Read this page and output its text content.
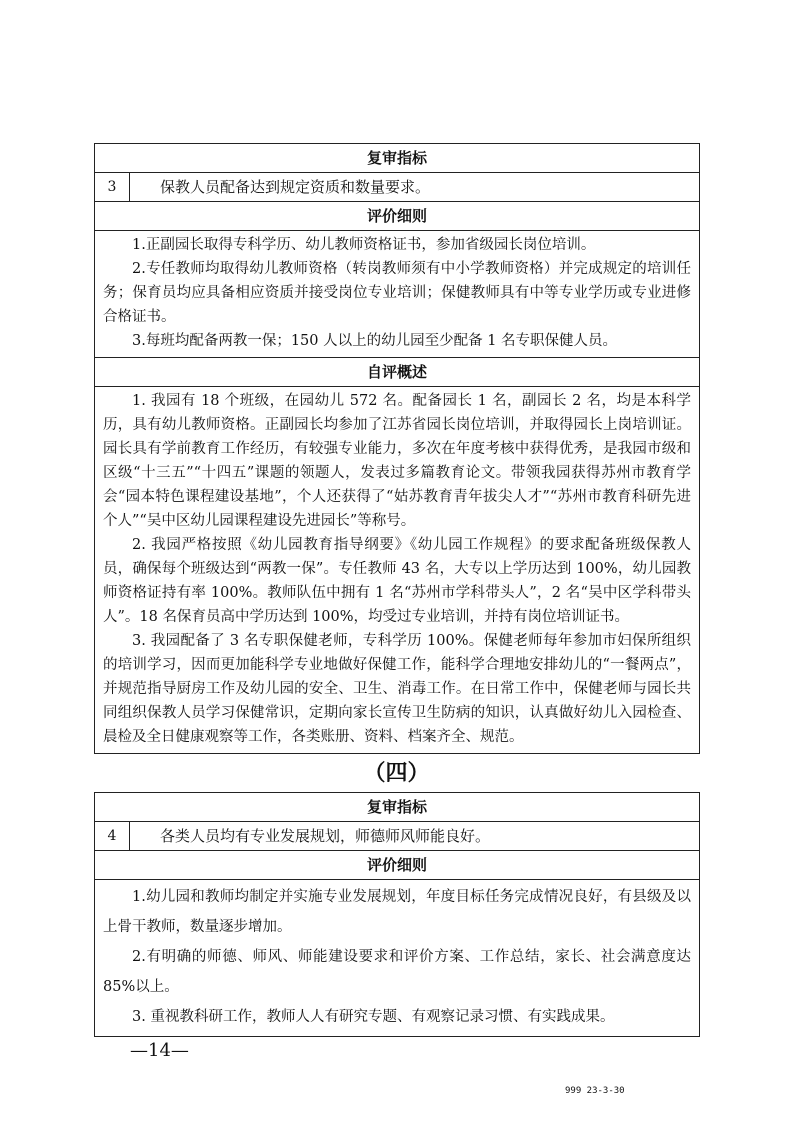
复审指标
3	保教人员配备达到规定资质和数量要求。
评价细则

1.正副园长取得专科学历、幼儿教师资格证书，参加省级园长岗位培训。

2.专任教师均取得幼儿教师资格（转岗教师须有中小学教师资格）并完成规定的培训任务；保育员均应具备相应资质并接受岗位专业培训；保健教师具有中等专业学历或专业进修合格证书。

3.每班均配备两教一保；150 人以上的幼儿园至少配备 1 名专职保健人员。

自评概述

1. 我园有 18 个班级，在园幼儿 572 名。配备园长 1 名，副园长 2 名，均是本科学历，具有幼儿教师资格。正副园长均参加了江苏省园长岗位培训，并取得园长上岗培训证。园长具有学前教育工作经历，有较强专业能力，多次在年度考核中获得优秀，是我园市级和区级“十三五”“十四五”课题的领题人，发表过多篇教育论文。带领我园获得苏州市教育学会“园本特色课程建设基地”，个人还获得了“姑苏教育青年拔尖人才”“苏州市教育科研先进个人”“吴中区幼儿园课程建设先进园长”等称号。

2. 我园严格按照《幼儿园教育指导纲要》《幼儿园工作规程》的要求配备班级保教人员，确保每个班级达到“两教一保”。专任教师 43 名，大专以上学历达到 100%，幼儿园教师资格证持有率 100%。教师队伍中拥有 1 名“苏州市学科带头人”，2 名“吴中区学科带头人”。18 名保育员高中学历达到 100%，均受过专业培训，并持有岗位培训证书。

3. 我园配备了 3 名专职保健老师，专科学历 100%。保健老师每年参加市妇保所组织的培训学习，因而更加能科学专业地做好保健工作，能科学合理地安排幼儿的“一餐两点”，并规范指导厨房工作及幼儿园的安全、卫生、消毒工作。在日常工作中，保健老师与园长共同组织保教人员学习保健常识，定期向家长宣传卫生防病的知识，认真做好幼儿入园检查、晨检及全日健康观察等工作，各类账册、资料、档案齐全、规范。

（四）
复审指标
4	各类人员均有专业发展规划，师德师风师能良好。
评价细则

1.幼儿园和教师均制定并实施专业发展规划，年度目标任务完成情况良好，有县级及以上骨干教师，数量逐步增加。

2.有明确的师德、师风、师能建设要求和评价方案、工作总结，家长、社会满意度达 85%以上。

3. 重视教科研工作，教师人人有研究专题、有观察记录习惯、有实践成果。

—14—
999 23-3-30
